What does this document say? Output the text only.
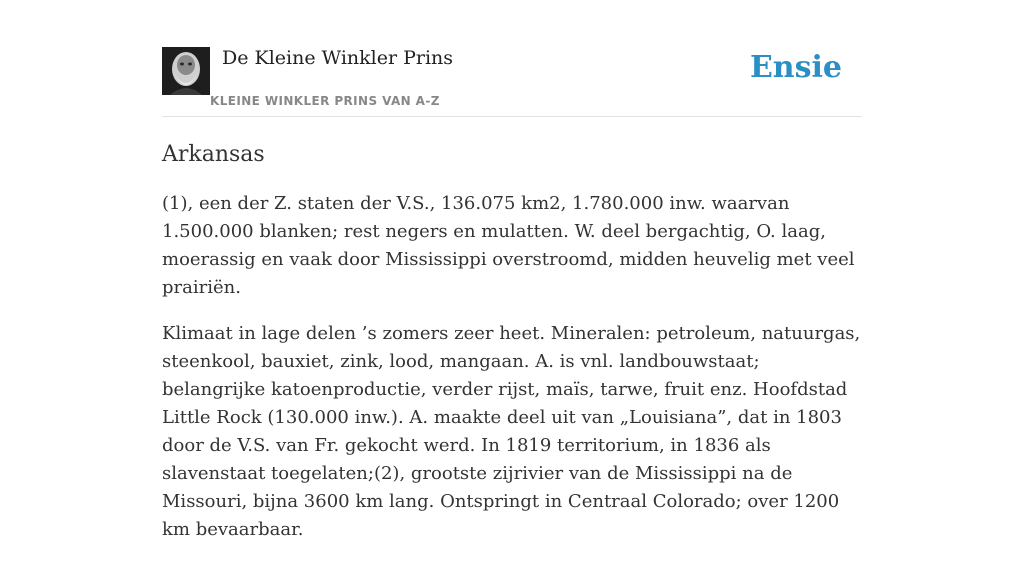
De Kleine Winkler Prins
KLEINE WINKLER PRINS VAN A-Z
Ensie
Arkansas

(1), een der Z. staten der V.S., 136.075 km2, 1.780.000 inw. waarvan 1.500.000 blanken; rest negers en mulatten. W. deel bergachtig, O. laag, moerassig en vaak door Mississippi overstroomd, midden heuvelig met veel prairiën.

Klimaat in lage delen ’s zomers zeer heet. Mineralen: petroleum, natuurgas, steenkool, bauxiet, zink, lood, mangaan. A. is vnl. landbouwstaat; belangrijke katoenproductie, verder rijst, maïs, tarwe, fruit enz. Hoofdstad Little Rock (130.000 inw.). A. maakte deel uit van „Louisiana”, dat in 1803 door de V.S. van Fr. gekocht werd. In 1819 territorium, in 1836 als slavenstaat toegelaten;(2), grootste zijrivier van de Mississippi na de Missouri, bijna 3600 km lang. Ontspringt in Centraal Colorado; over 1200 km bevaarbaar.
